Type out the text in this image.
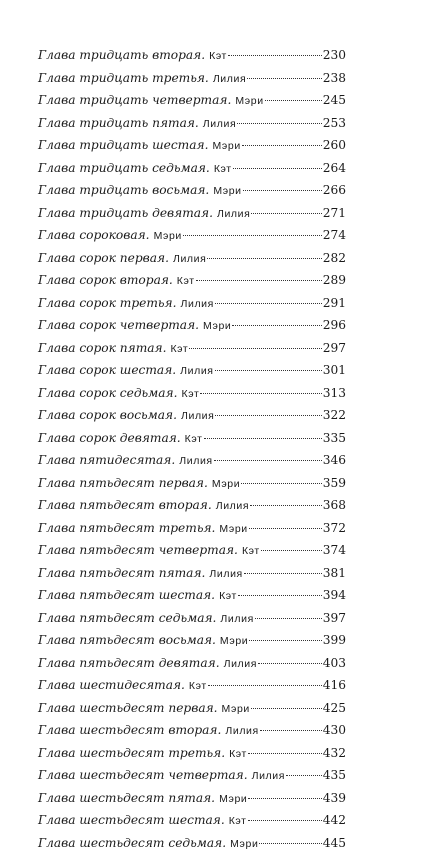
Глава тридцать вторая. Кэт	230
Глава тридцать третья. Лилия	238
Глава тридцать четвертая. Мэри	245
Глава тридцать пятая. Лилия	253
Глава тридцать шестая. Мэри	260
Глава тридцать седьмая. Кэт	264
Глава тридцать восьмая. Мэри	266
Глава тридцать девятая. Лилия	271
Глава сороковая. Мэри	274
Глава сорок первая. Лилия	282
Глава сорок вторая. Кэт	289
Глава сорок третья. Лилия	291
Глава сорок четвертая. Мэри	296
Глава сорок пятая. Кэт	297
Глава сорок шестая. Лилия	301
Глава сорок седьмая. Кэт	313
Глава сорок восьмая. Лилия	322
Глава сорок девятая. Кэт	335
Глава пятидесятая. Лилия	346
Глава пятьдесят первая. Мэри	359
Глава пятьдесят вторая. Лилия	368
Глава пятьдесят третья. Мэри	372
Глава пятьдесят четвертая. Кэт	374
Глава пятьдесят пятая. Лилия	381
Глава пятьдесят шестая. Кэт	394
Глава пятьдесят седьмая. Лилия	397
Глава пятьдесят восьмая. Мэри	399
Глава пятьдесят девятая. Лилия	403
Глава шестидесятая. Кэт	416
Глава шестьдесят первая. Мэри	425
Глава шестьдесят вторая. Лилия	430
Глава шестьдесят третья. Кэт	432
Глава шестьдесят четвертая. Лилия	435
Глава шестьдесят пятая. Мэри	439
Глава шестьдесят шестая. Кэт	442
Глава шестьдесят седьмая. Мэри	445
